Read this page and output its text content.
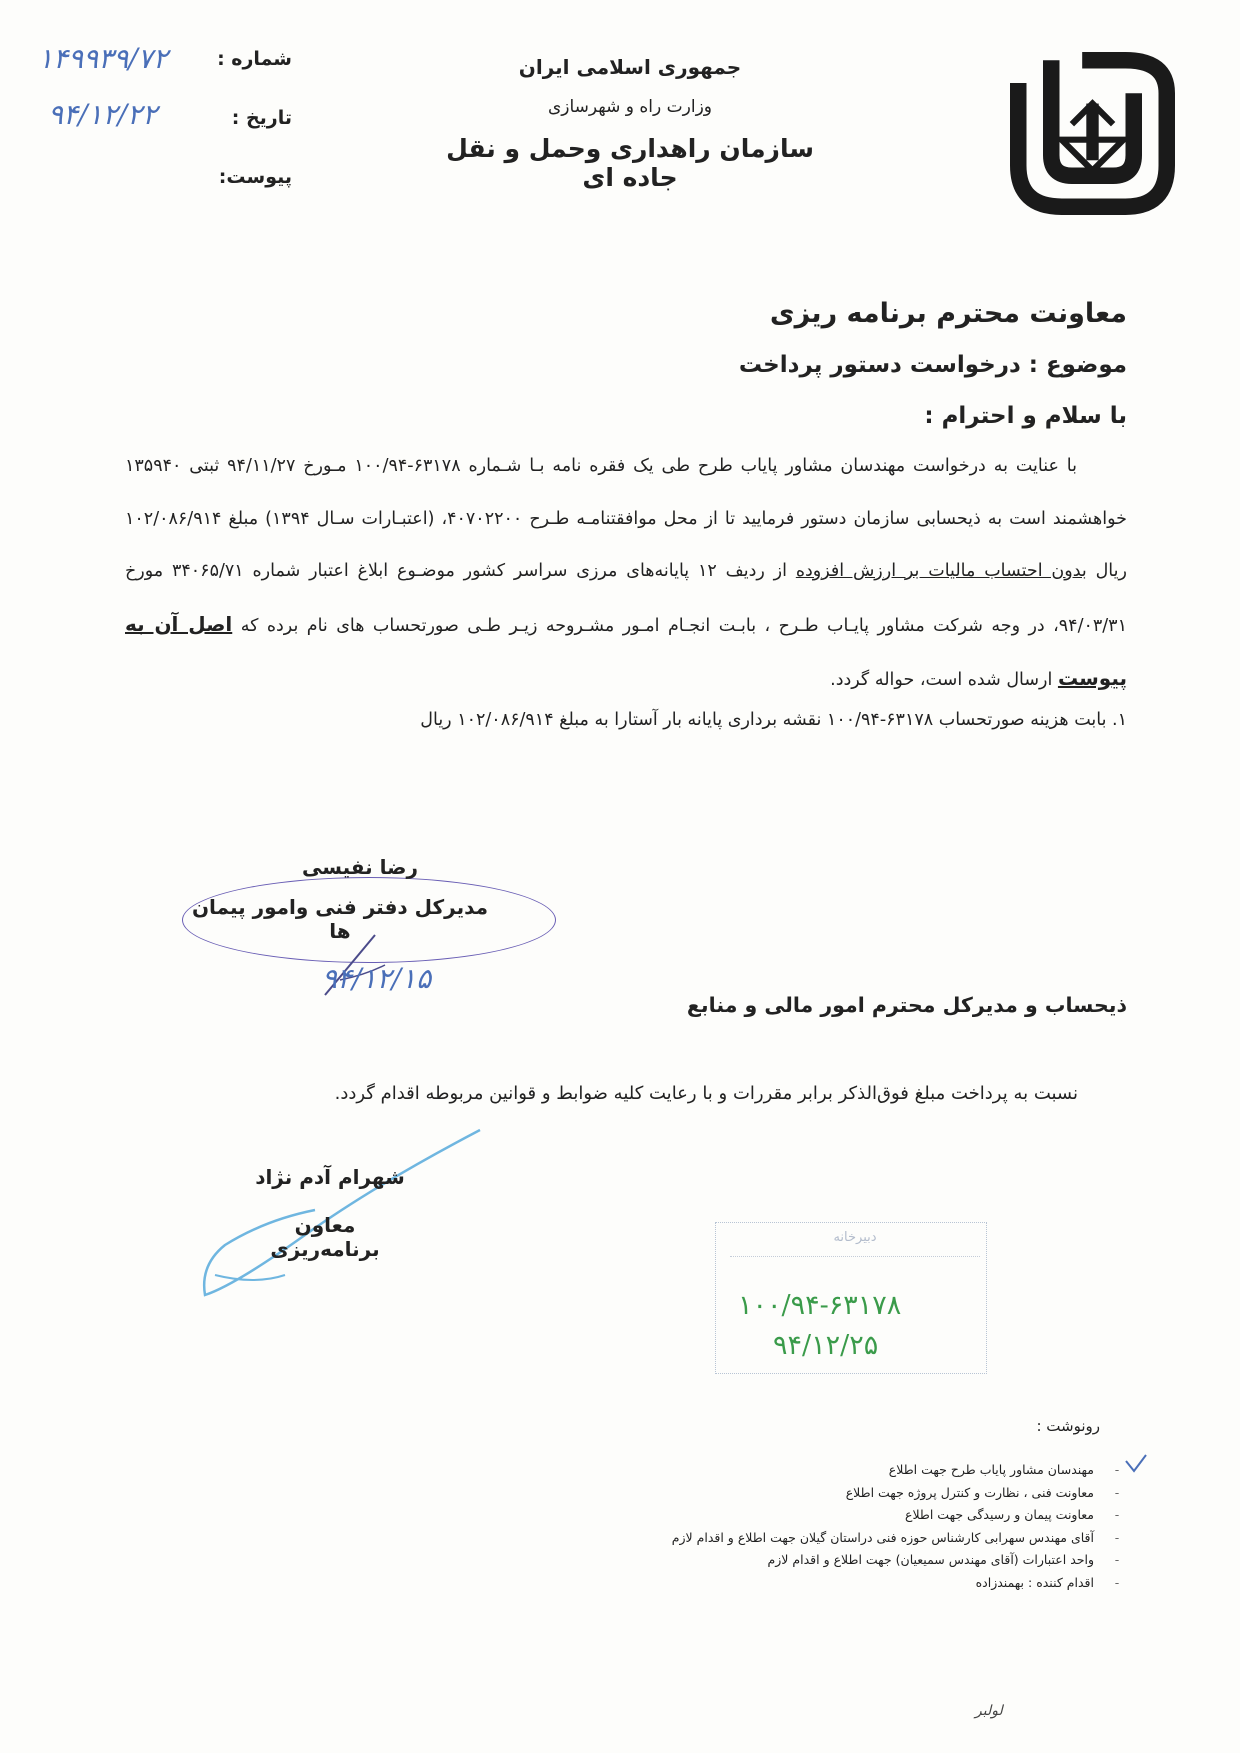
جمهوری اسلامی ایران
وزارت راه و شهرسازی
سازمان راهداری وحمل و نقل جاده ای
شماره :
تاریخ :
پیوست:
۱۴۹۹۳۹/۷۲
۹۴/۱۲/۲۲
معاونت محترم برنامه ریزی
موضوع : درخواست دستور پرداخت
با سلام و احترام :
با عنایت به درخواست مهندسان مشاور پایاب طرح طی یک فقره نامه بـا شـماره ۶۳۱۷۸-۱۰۰/۹۴ مـورخ ۹۴/۱۱/۲۷ ثبتی ۱۳۵۹۴۰ خواهشمند است به ذیحسابی سازمان دستور فرمایید تا از محل موافقتنامـه طـرح ۴۰۷۰۲۲۰۰، (اعتبـارات سـال ۱۳۹۴) مبلغ ۱۰۲/۰۸۶/۹۱۴ ریال بدون احتساب مالیات بر ارزش افزوده از ردیف ۱۲ پایانه‌های مرزی سراسر کشور موضـوع ابلاغ اعتبار شماره ۳۴۰۶۵/۷۱ مورخ ۹۴/۰۳/۳۱، در وجه شرکت مشاور پایـاب طـرح ، بابـت انجـام امـور مشـروحه زیـر طـی صورتحساب های نام برده که اصل آن به پیوست ارسال شده است، حواله گردد.
۱. بابت هزینه صورتحساب ۶۳۱۷۸-۱۰۰/۹۴ نقشه برداری پایانه بار آستارا به مبلغ ۱۰۲/۰۸۶/۹۱۴ ریال
رضا نفیسی
مدیرکل دفتر فنی وامور پیمان ها
۹۴/۱۲/۱۵
ذیحساب و مدیرکل محترم امور مالی و منابع
نسبت به پرداخت مبلغ فوق‌الذکر برابر مقررات و با رعایت کلیه ضوابط و قوانین مربوطه اقدام گردد.
شهرام آدم نژاد
معاون برنامه‌ریزی	دبیرخانه
۱۰۰/۹۴-۶۳۱۷۸
۹۴/۱۲/۲۵
رونوشت :
-مهندسان مشاور پایاب طرح جهت اطلاع
-معاونت فنی ، نظارت و کنترل پروژه جهت اطلاع
-معاونت پیمان و رسیدگی جهت اطلاع
-آقای مهندس سهرابی کارشناس حوزه فنی دراستان گیلان جهت اطلاع و اقدام لازم
-واحد اعتبارات (آقای مهندس سمیعیان) جهت اطلاع و اقدام لازم
-اقدام کننده : بهمندزاده
لولبر
